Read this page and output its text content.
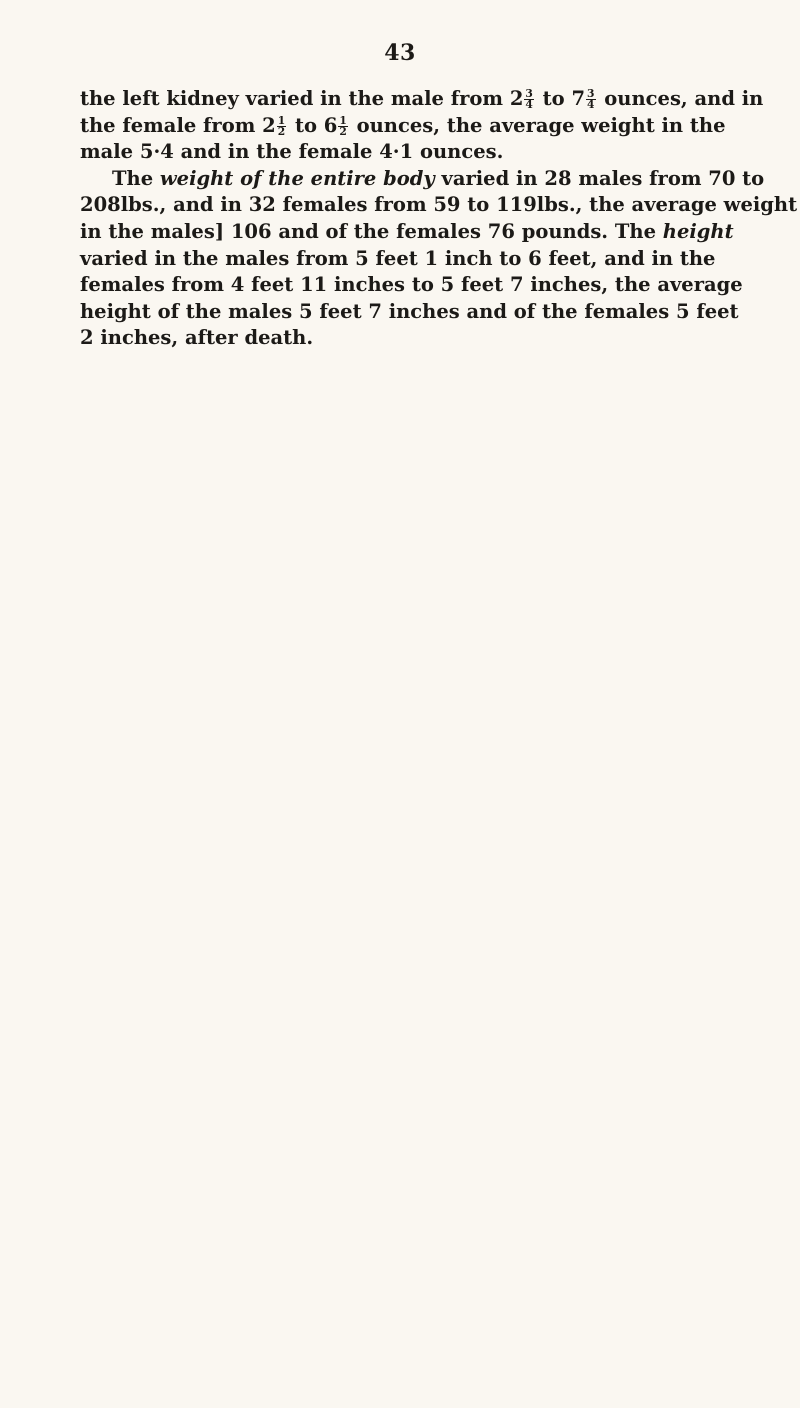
43
the left kidney varied in the male from $2 \frac{3}{4}$ to $7 \frac{3}{4}$ ounces, and in
the female from $2 \frac{1}{2}$ to $6 \frac{1}{2}$ ounces, the average weight in the
male 5·4 and in the female 4·1 ounces.
The weight of the entire body varied in 28 males from 70 to
208lbs., and in 32 females from 59 to 119lbs., the average weight
in the males] 106 and of the females 76 pounds. The height
varied in the males from 5 feet 1 inch to 6 feet, and in the
females from 4 feet 11 inches to 5 feet 7 inches, the average
height of the males 5 feet 7 inches and of the females 5 feet
2 inches, after death.
